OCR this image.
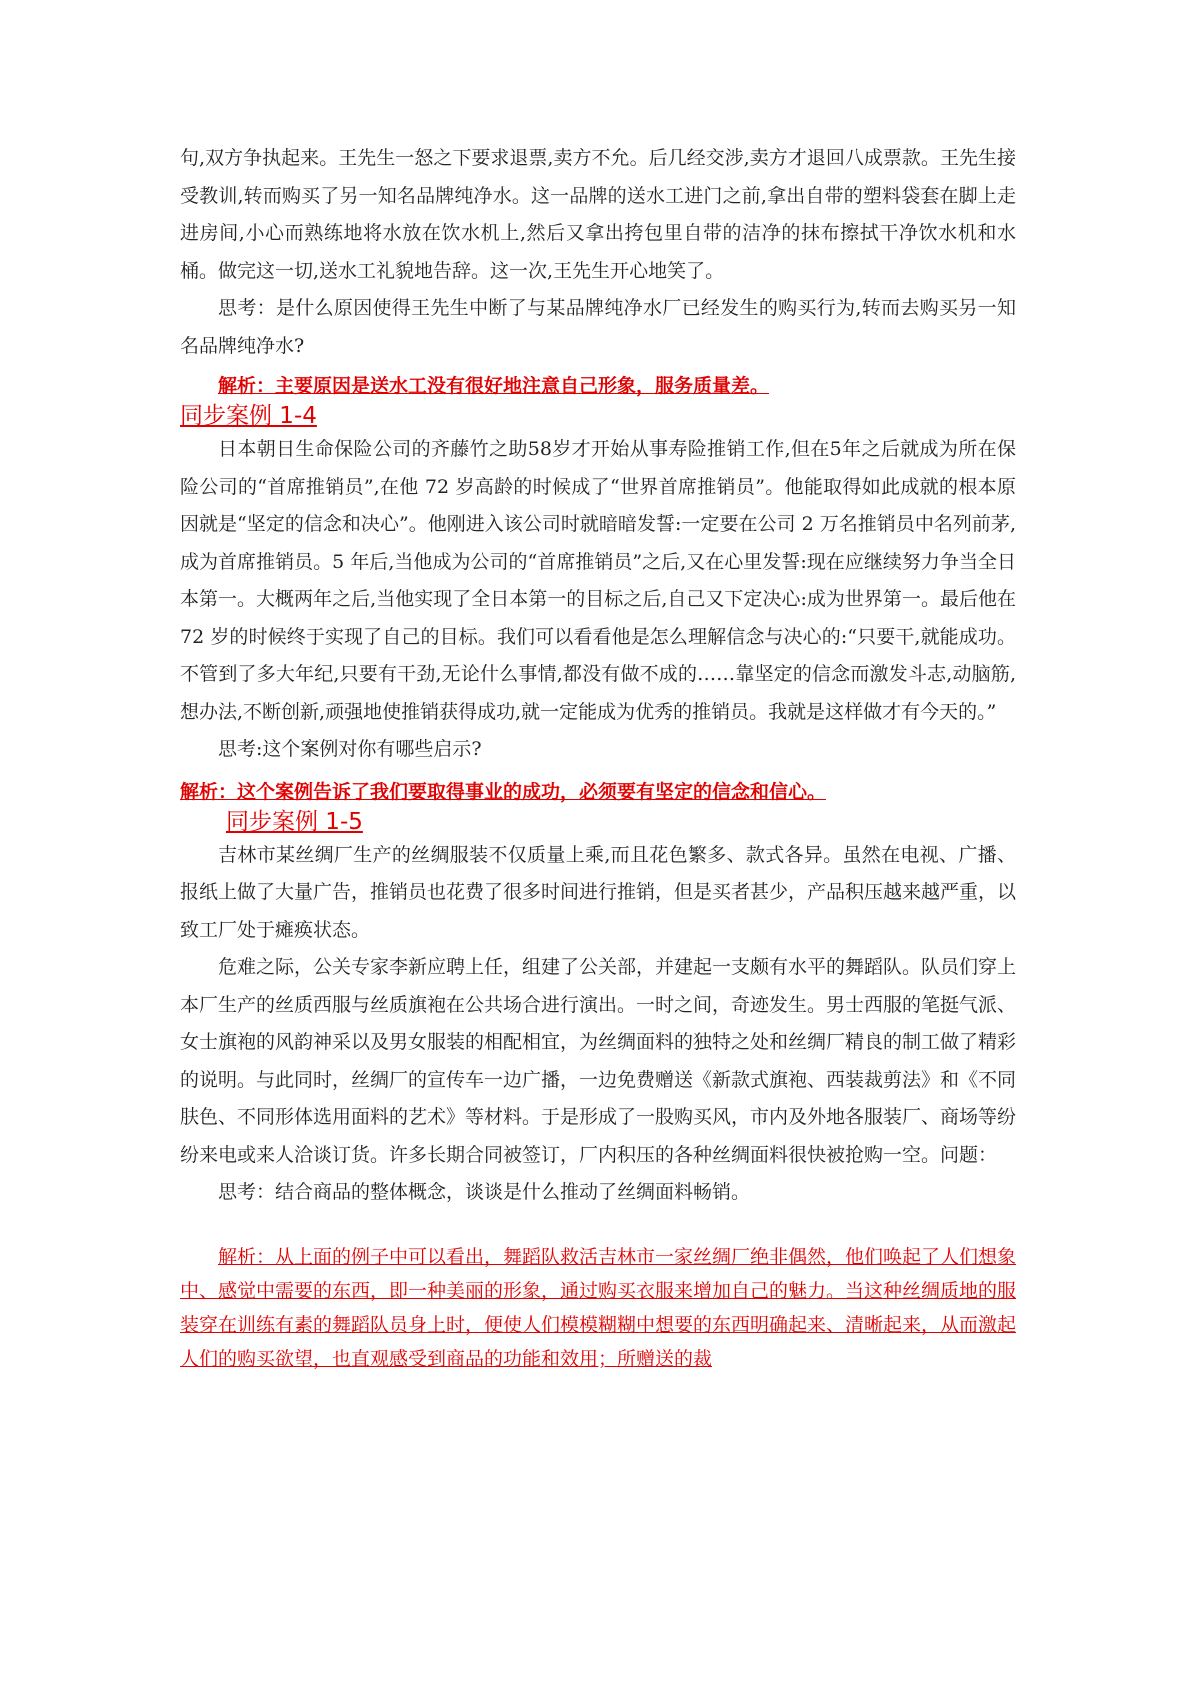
句,双方争执起来。王先生一怒之下要求退票,卖方不允。后几经交涉,卖方才退回八成票款。王先生接受教训,转而购买了另一知名品牌纯净水。这一品牌的送水工进门之前,拿出自带的塑料袋套在脚上走进房间,小心而熟练地将水放在饮水机上,然后又拿出挎包里自带的洁净的抹布擦拭干净饮水机和水桶。做完这一切,送水工礼貌地告辞。这一次,王先生开心地笑了。

思考：是什么原因使得王先生中断了与某品牌纯净水厂已经发生的购买行为,转而去购买另一知名品牌纯净水?

解析：主要原因是送水工没有很好地注意自己形象，服务质量差。

同步案例 1-4

日本朝日生命保险公司的齐藤竹之助58岁才开始从事寿险推销工作,但在5年之后就成为所在保险公司的“首席推销员”,在他 72 岁高龄的时候成了“世界首席推销员”。他能取得如此成就的根本原因就是“坚定的信念和决心”。他刚进入该公司时就暗暗发誓:一定要在公司 2 万名推销员中名列前茅,成为首席推销员。5 年后,当他成为公司的“首席推销员”之后,又在心里发誓:现在应继续努力争当全日本第一。大概两年之后,当他实现了全日本第一的目标之后,自己又下定决心:成为世界第一。最后他在 72 岁的时候终于实现了自己的目标。我们可以看看他是怎么理解信念与决心的:“只要干,就能成功。不管到了多大年纪,只要有干劲,无论什么事情,都没有做不成的……靠坚定的信念而激发斗志,动脑筋,想办法,不断创新,顽强地使推销获得成功,就一定能成为优秀的推销员。我就是这样做才有今天的。”

思考:这个案例对你有哪些启示?

解析：这个案例告诉了我们要取得事业的成功，必须要有坚定的信念和信心。

同步案例 1-5

吉林市某丝绸厂生产的丝绸服装不仅质量上乘,而且花色繁多、款式各异。虽然在电视、广播、报纸上做了大量广告，推销员也花费了很多时间进行推销，但是买者甚少，产品积压越来越严重，以致工厂处于瘫痪状态。

危难之际，公关专家李新应聘上任，组建了公关部，并建起一支颇有水平的舞蹈队。队员们穿上本厂生产的丝质西服与丝质旗袍在公共场合进行演出。一时之间，奇迹发生。男士西服的笔挺气派、女士旗袍的风韵神采以及男女服装的相配相宜，为丝绸面料的独特之处和丝绸厂精良的制工做了精彩的说明。与此同时，丝绸厂的宣传车一边广播，一边免费赠送《新款式旗袍、西装裁剪法》和《不同肤色、不同形体选用面料的艺术》等材料。于是形成了一股购买风，市内及外地各服装厂、商场等纷纷来电或来人洽谈订货。许多长期合同被签订，厂内积压的各种丝绸面料很快被抢购一空。问题：

思考：结合商品的整体概念，谈谈是什么推动了丝绸面料畅销。

解析：从上面的例子中可以看出，舞蹈队救活吉林市一家丝绸厂绝非偶然，他们唤起了人们想象中、感觉中需要的东西，即一种美丽的形象，通过购买衣服来增加自己的魅力。当这种丝绸质地的服装穿在训练有素的舞蹈队员身上时，便使人们模模糊糊中想要的东西明确起来、清晰起来，从而激起人们的购买欲望，也直观感受到商品的功能和效用；所赠送的裁
